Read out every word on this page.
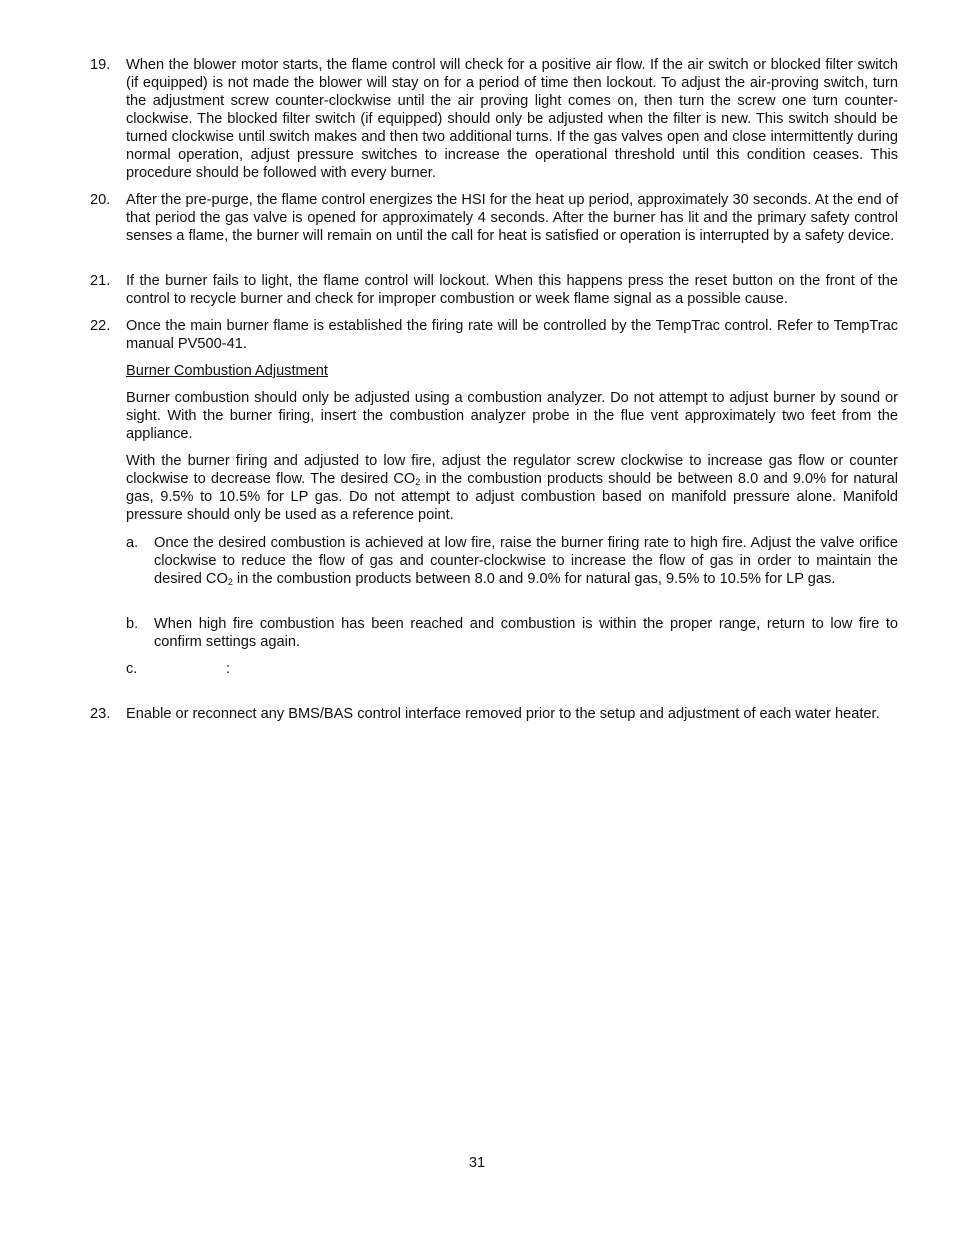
19.	When the blower motor starts, the flame control will check for a positive air flow. If the air switch or blocked filter switch (if equipped) is not made the blower will stay on for a period of time then lockout. To adjust the air-proving switch, turn the adjustment screw counter-clockwise until the air proving light comes on, then turn the screw one turn counter-clockwise. The blocked filter switch (if equipped) should only be adjusted when the filter is new. This switch should be turned clockwise until switch makes and then two additional turns. If the gas valves open and close intermittently during normal operation, adjust pressure switches to increase the operational threshold until this condition ceases. This procedure should be followed with every burner.
20.	After the pre-purge, the flame control energizes the HSI for the heat up period, approximately 30 seconds. At the end of that period the gas valve is opened for approximately 4 seconds. After the burner has lit and the primary safety control senses a flame, the burner will remain on until the call for heat is satisfied or operation is interrupted by a safety device.
21.	If the burner fails to light, the flame control will lockout. When this happens press the reset button on the front of the control to recycle burner and check for improper combustion or week flame signal as a possible cause.
22.	Once the main burner flame is established the firing rate will be controlled by the TempTrac control. Refer to TempTrac manual PV500-41.
Burner Combustion Adjustment
Burner combustion should only be adjusted using a combustion analyzer. Do not attempt to adjust burner by sound or sight. With the burner firing, insert the combustion analyzer probe in the flue vent approximately two feet from the appliance.
With the burner firing and adjusted to low fire, adjust the regulator screw clockwise to increase gas flow or counter clockwise to decrease flow. The desired $CO_2$ in the combustion products should be between 8.0 and 9.0% for natural gas, 9.5% to 10.5% for LP gas. Do not attempt to adjust combustion based on manifold pressure alone. Manifold pressure should only be used as a reference point.
a.	Once the desired combustion is achieved at low fire, raise the burner firing rate to high fire. Adjust the valve orifice clockwise to reduce the flow of gas and counter-clockwise to increase the flow of gas in order to maintain the desired $CO_2$ in the combustion products between 8.0 and 9.0% for natural gas, 9.5% to 10.5% for LP gas.
b.	When high fire combustion has been reached and combustion is within the proper range, return to low fire to confirm settings again.
c.	:
23.	Enable or reconnect any BMS/BAS control interface removed prior to the setup and adjustment of each water heater.
31
